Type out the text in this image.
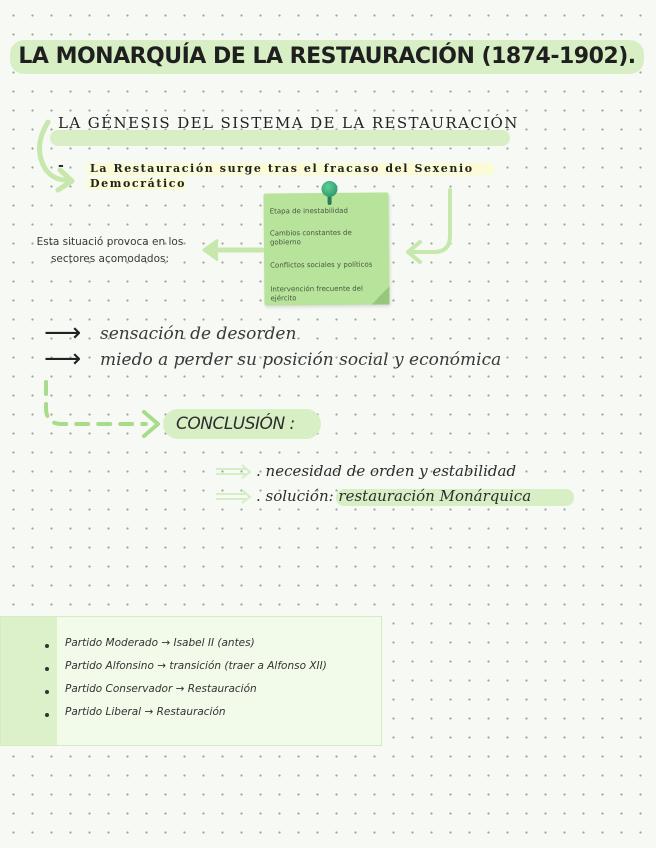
LA MONARQUÍA DE LA RESTAURACIÓN (1874-1902).
LA GÉNESIS DEL SISTEMA DE LA RESTAURACIÓN
- La Restauración surge tras el fracaso del Sexenio Democrático
Etapa de inestabilidad
Cambios constantes de gobierno
Conflictos sociales y políticos
Intervención frecuente del ejército
Esta situació provoca en los sectores acomodados:
⟶ sensación de desorden
⟶ miedo a perder su posición social y económica
CONCLUSIÓN :
. necesidad de orden y estabilidad
. solución: restauración Monárquica
Partido Moderado → Isabel II (antes)
Partido Alfonsino → transición (traer a Alfonso XII)
Partido Conservador → Restauración
Partido Liberal → Restauración
